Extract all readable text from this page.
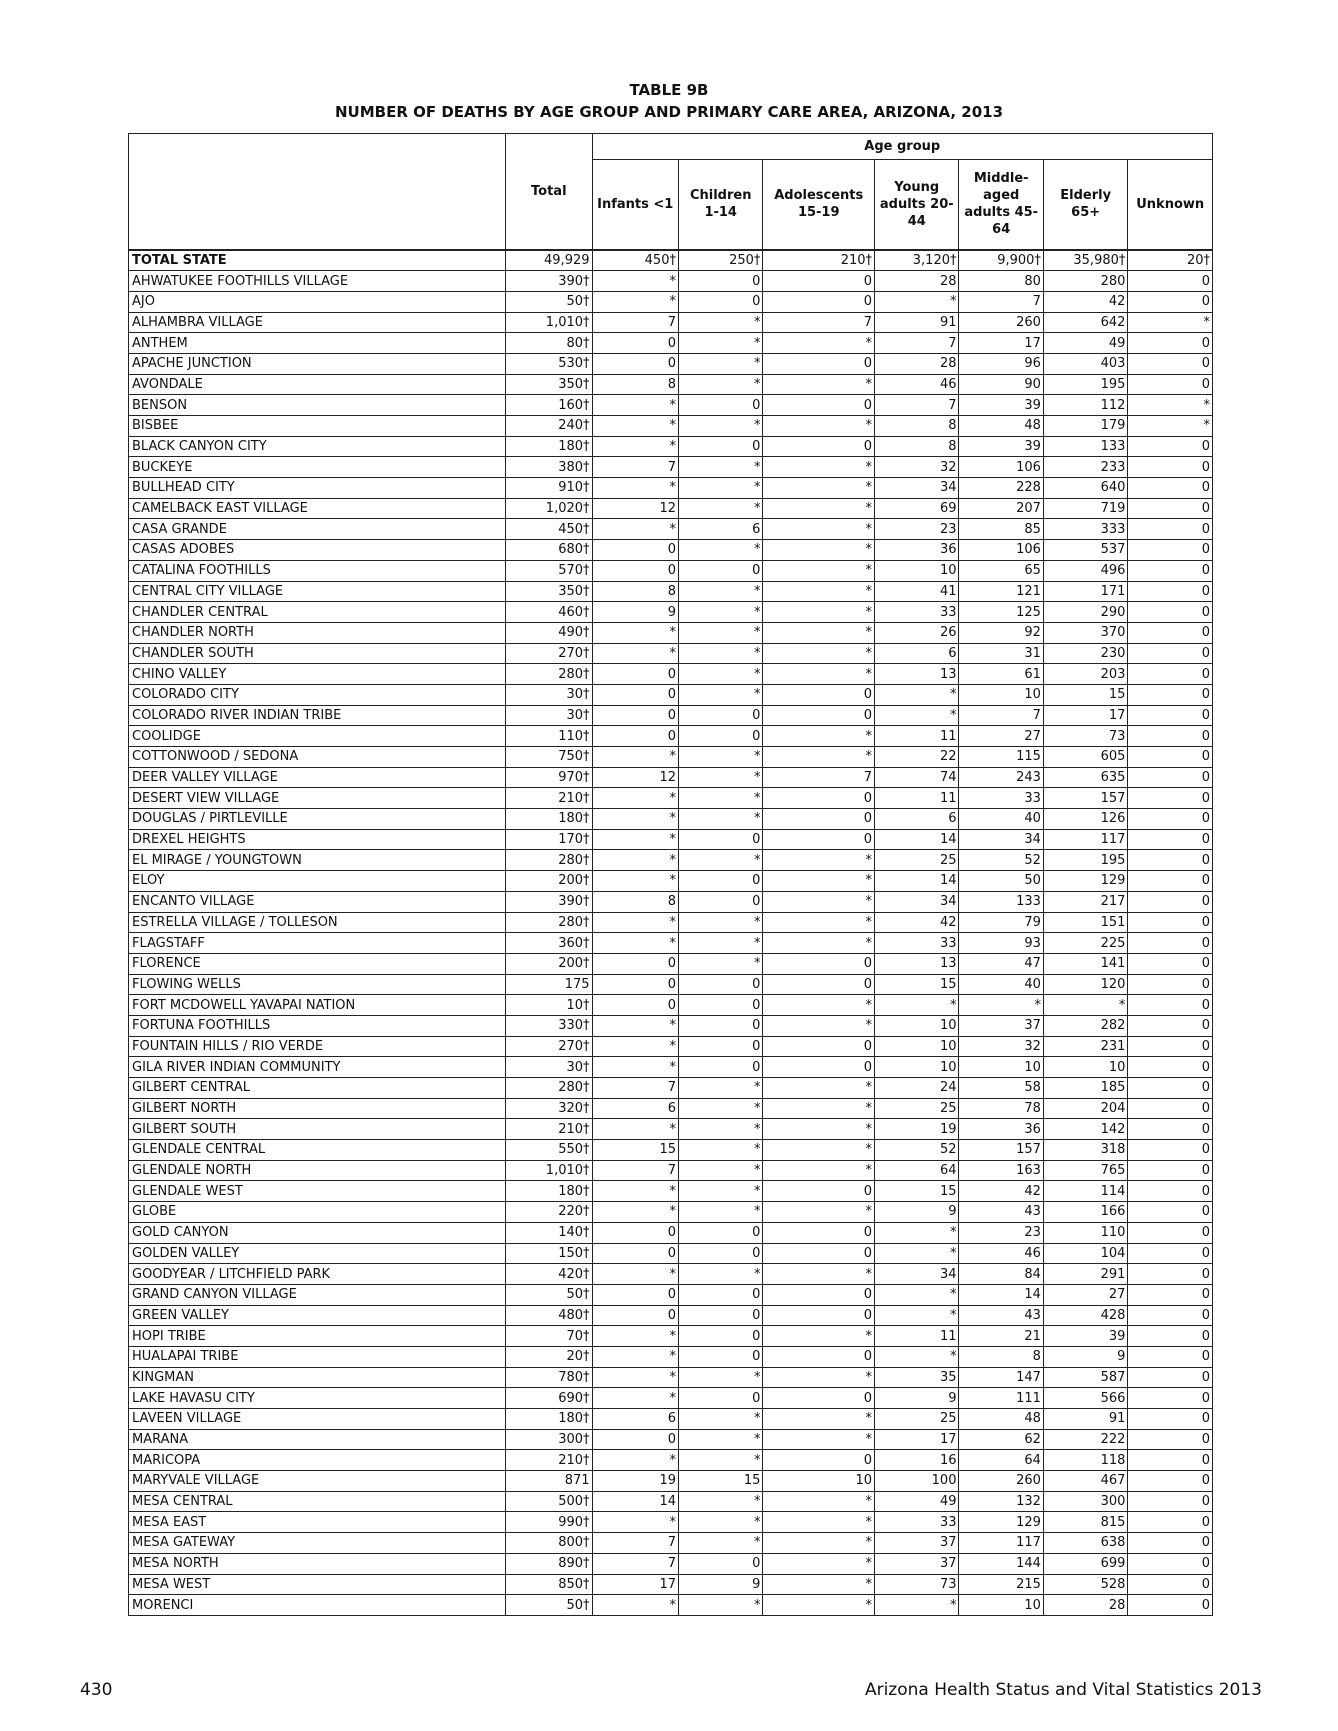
TABLE 9B
NUMBER OF DEATHS BY AGE GROUP AND PRIMARY CARE AREA, ARIZONA, 2013
	Total	Age group						
		Infants <1	Children 1-14	Adolescents 15-19	Young adults 20-44	Middle-aged adults 45-64	Elderly 65+	Unknown
TOTAL STATE	49,929	450†	250†	210†	3,120†	9,900†	35,980†	20†
AHWATUKEE FOOTHILLS VILLAGE	390†	*	0	0	28	80	280	0
AJO	50†	*	0	0	*	7	42	0
ALHAMBRA VILLAGE	1,010†	7	*	7	91	260	642	*
ANTHEM	80†	0	*	*	7	17	49	0
APACHE JUNCTION	530†	0	*	0	28	96	403	0
AVONDALE	350†	8	*	*	46	90	195	0
BENSON	160†	*	0	0	7	39	112	*
BISBEE	240†	*	*	*	8	48	179	*
BLACK CANYON CITY	180†	*	0	0	8	39	133	0
BUCKEYE	380†	7	*	*	32	106	233	0
BULLHEAD CITY	910†	*	*	*	34	228	640	0
CAMELBACK EAST VILLAGE	1,020†	12	*	*	69	207	719	0
CASA GRANDE	450†	*	6	*	23	85	333	0
CASAS ADOBES	680†	0	*	*	36	106	537	0
CATALINA FOOTHILLS	570†	0	0	*	10	65	496	0
CENTRAL CITY VILLAGE	350†	8	*	*	41	121	171	0
CHANDLER CENTRAL	460†	9	*	*	33	125	290	0
CHANDLER NORTH	490†	*	*	*	26	92	370	0
CHANDLER SOUTH	270†	*	*	*	6	31	230	0
CHINO VALLEY	280†	0	*	*	13	61	203	0
COLORADO CITY	30†	0	*	0	*	10	15	0
COLORADO RIVER INDIAN TRIBE	30†	0	0	0	*	7	17	0
COOLIDGE	110†	0	0	*	11	27	73	0
COTTONWOOD / SEDONA	750†	*	*	*	22	115	605	0
DEER VALLEY VILLAGE	970†	12	*	7	74	243	635	0
DESERT VIEW VILLAGE	210†	*	*	0	11	33	157	0
DOUGLAS / PIRTLEVILLE	180†	*	*	0	6	40	126	0
DREXEL HEIGHTS	170†	*	0	0	14	34	117	0
EL MIRAGE / YOUNGTOWN	280†	*	*	*	25	52	195	0
ELOY	200†	*	0	*	14	50	129	0
ENCANTO VILLAGE	390†	8	0	*	34	133	217	0
ESTRELLA VILLAGE / TOLLESON	280†	*	*	*	42	79	151	0
FLAGSTAFF	360†	*	*	*	33	93	225	0
FLORENCE	200†	0	*	0	13	47	141	0
FLOWING WELLS	175	0	0	0	15	40	120	0
FORT MCDOWELL YAVAPAI NATION	10†	0	0	*	*	*	*	0
FORTUNA FOOTHILLS	330†	*	0	*	10	37	282	0
FOUNTAIN HILLS / RIO VERDE	270†	*	0	0	10	32	231	0
GILA RIVER INDIAN COMMUNITY	30†	*	0	0	10	10	10	0
GILBERT CENTRAL	280†	7	*	*	24	58	185	0
GILBERT NORTH	320†	6	*	*	25	78	204	0
GILBERT SOUTH	210†	*	*	*	19	36	142	0
GLENDALE CENTRAL	550†	15	*	*	52	157	318	0
GLENDALE NORTH	1,010†	7	*	*	64	163	765	0
GLENDALE WEST	180†	*	*	0	15	42	114	0
GLOBE	220†	*	*	*	9	43	166	0
GOLD CANYON	140†	0	0	0	*	23	110	0
GOLDEN VALLEY	150†	0	0	0	*	46	104	0
GOODYEAR / LITCHFIELD PARK	420†	*	*	*	34	84	291	0
GRAND CANYON VILLAGE	50†	0	0	0	*	14	27	0
GREEN VALLEY	480†	0	0	0	*	43	428	0
HOPI TRIBE	70†	*	0	*	11	21	39	0
HUALAPAI TRIBE	20†	*	0	0	*	8	9	0
KINGMAN	780†	*	*	*	35	147	587	0
LAKE HAVASU CITY	690†	*	0	0	9	111	566	0
LAVEEN VILLAGE	180†	6	*	*	25	48	91	0
MARANA	300†	0	*	*	17	62	222	0
MARICOPA	210†	*	*	0	16	64	118	0
MARYVALE VILLAGE	871	19	15	10	100	260	467	0
MESA CENTRAL	500†	14	*	*	49	132	300	0
MESA EAST	990†	*	*	*	33	129	815	0
MESA GATEWAY	800†	7	*	*	37	117	638	0
MESA NORTH	890†	7	0	*	37	144	699	0
MESA WEST	850†	17	9	*	73	215	528	0
MORENCI	50†	*	*	*	*	10	28	0
430	Arizona Health Status and Vital Statistics 2013
